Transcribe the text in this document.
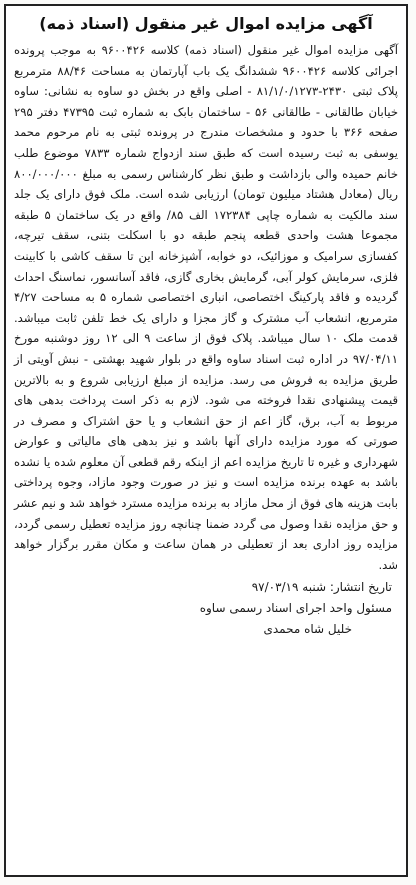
آگهی مزایده اموال غیر منقول (اسناد ذمه)
آگهی مزایده اموال غیر منقول (اسناد ذمه) کلاسه ۹۶۰۰۴۲۶ به موجب پرونده اجرائی کلاسه ۹۶۰۰۴۲۶ ششدانگ یک باب آپارتمان به مساحت ۸۸/۴۶ مترمربع پلاک ثبتی ۲۴۳۰-۸۱/۱/۰/۱۲۷۳ - اصلی واقع در بخش دو ساوه به نشانی: ساوه خیابان طالقانی - طالقانی ۵۶ - ساختمان بابک به شماره ثبت ۴۷۳۹۵ دفتر ۲۹۵ صفحه ۳۶۶ با حدود و مشخصات مندرج در پرونده ثبتی به نام مرحوم محمد یوسفی به ثبت رسیده است که طبق سند ازدواج شماره ۷۸۳۳ موضوع طلب خانم حمیده والی بازداشت و طبق نظر کارشناس رسمی به مبلغ ۸۰۰/۰۰۰/۰۰۰ ریال (معادل هشتاد میلیون تومان) ارزیابی شده است. ملک فوق دارای یک جلد سند مالکیت به شماره چاپی ۱۷۲۳۸۴ الف ۸۵/ واقع در یک ساختمان ۵ طبقه مجموعا هشت واحدی قطعه پنجم طبقه دو با اسکلت بتنی، سقف تیرچه، کفسازی سرامیک و موزائیک، دو خوابه، آشپزخانه این تا سقف کاشی با کابینت فلزی، سرمایش کولر آبی، گرمایش بخاری گازی، فاقد آسانسور، نماسنگ احداث گردیده و فاقد پارکینگ اختصاصی، انباری اختصاصی شماره ۵ به مساحت ۴/۲۷ مترمربع، انشعاب آب مشترک و گاز مجزا و دارای یک خط تلفن ثابت میباشد. قدمت ملک ۱۰ سال میباشد. پلاک فوق از ساعت ۹ الی ۱۲ روز دوشنبه مورخ ۹۷/۰۴/۱۱ در اداره ثبت اسناد ساوه واقع در بلوار شهید بهشتی - نبش آویتی از طریق مزایده به فروش می رسد. مزایده از مبلغ ارزیابی شروع و به بالاترین قیمت پیشنهادی نقدا فروخته می شود. لازم به ذکر است پرداخت بدهی های مربوط به آب، برق، گاز اعم از حق انشعاب و یا حق اشتراک و مصرف در صورتی که مورد مزایده دارای آنها باشد و نیز بدهی های مالیاتی و عوارض شهرداری و غیره تا تاریخ مزایده اعم از اینکه رقم قطعی آن معلوم شده یا نشده باشد به عهده برنده مزایده است و نیز در صورت وجود مازاد، وجوه پرداختی بابت هزینه های فوق از محل مازاد به برنده مزایده مسترد خواهد شد و نیم عشر و حق مزایده نقدا وصول می گردد ضمنا چنانچه روز مزایده تعطیل رسمی گردد، مزایده روز اداری بعد از تعطیلی در همان ساعت و مکان مقرر برگزار خواهد شد.
تاریخ انتشار: شنبه ۹۷/۰۳/۱۹
مسئول واحد اجرای اسناد رسمی ساوه
خلیل شاه محمدی
